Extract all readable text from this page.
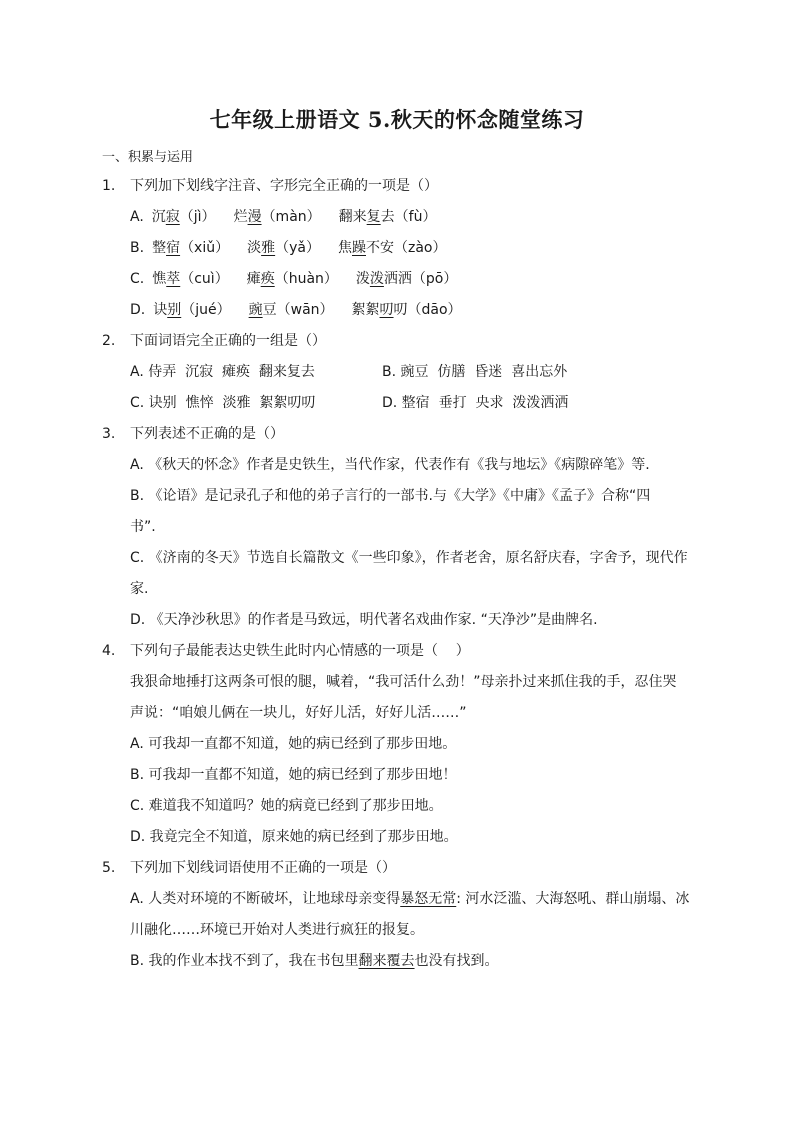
七年级上册语文 5.秋天的怀念随堂练习
一、积累与运用
1. 下列加下划线字注音、字形完全正确的一项是（）
A. 沉寂（jì） 烂漫（màn） 翻来复去（fù）
B. 整宿（xiǔ） 淡雅（yǎ） 焦躁不安（zào）
C. 憔萃（cuì） 瘫痪（huàn） 泼泼洒洒（pō）
D. 诀别（jué） 豌豆（wān） 絮絮叨叨（dāo）
2. 下面词语完全正确的一组是（）
A. 侍弄  沉寂  瘫痪  翻来复去	B. 豌豆  仿膳  昏迷  喜出忘外
C. 诀别  憔悴  淡雅  絮絮叨叨	D. 整宿  垂打  央求  泼泼洒洒
3. 下列表述不正确的是（）
A. 《秋天的怀念》作者是史铁生，当代作家，代表作有《我与地坛》《病隙碎笔》等.
B. 《论语》是记录孔子和他的弟子言行的一部书.与《大学》《中庸》《孟子》合称“四
书”.
C. 《济南的冬天》节选自长篇散文《一些印象》，作者老舍，原名舒庆春，字舍予，现代作
家.
D. 《天净沙秋思》的作者是马致远，明代著名戏曲作家. “天净沙”是曲牌名.
4. 下列句子最能表达史铁生此时内心情感的一项是（    ）
我狠命地捶打这两条可恨的腿，喊着，“我可活什么劲！”母亲扑过来抓住我的手，忍住哭
声说：“咱娘儿俩在一块儿，好好儿活，好好儿活……”
A. 可我却一直都不知道，她的病已经到了那步田地。
B. 可我却一直都不知道，她的病已经到了那步田地！
C. 难道我不知道吗？她的病竟已经到了那步田地。
D. 我竟完全不知道，原来她的病已经到了那步田地。
5. 下列加下划线词语使用不正确的一项是（）
A. 人类对环境的不断破坏，让地球母亲变得暴怒无常: 河水泛滥、大海怒吼、群山崩塌、冰
川融化……环境已开始对人类进行疯狂的报复。
B. 我的作业本找不到了，我在书包里翻来覆去也没有找到。
